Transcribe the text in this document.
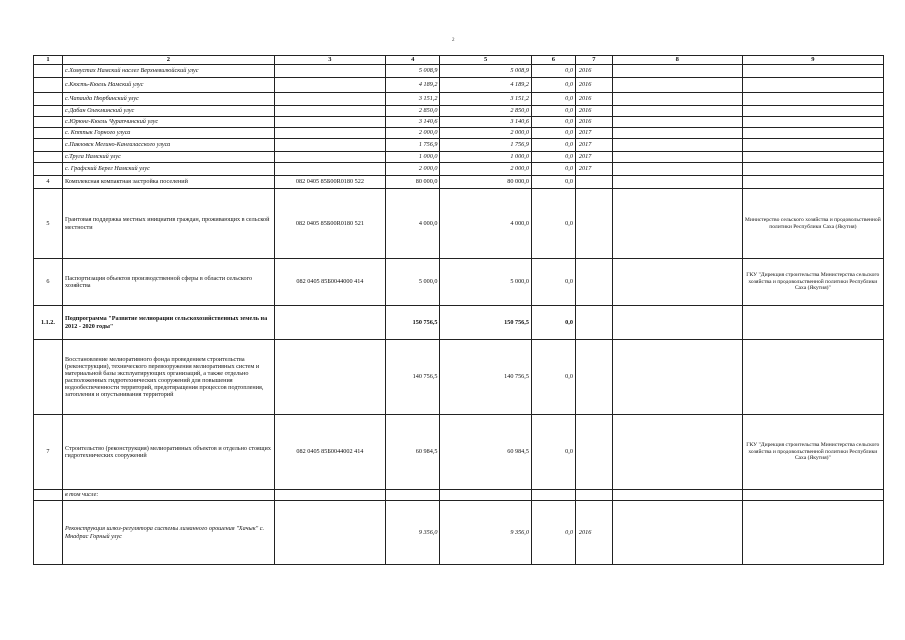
2
1	2	3	4	5	6	7	8	9
	с.Хомустах Намский наслег Верхневилюйский улус		5 008,9	5 008,9	0,0	2016		
	с.Кюсть-Кюель Намский улус		4 189,2	4 189,2	0,0	2016		
	с.Чапаида Нюрбинский улус		3 151,2	3 151,2	0,0	2016		
	с.Дабан Олекминский улус		2 850,0	2 850,0	0,0	2016		
	с.Юрюнг-Кюель Чурапчинский улус		3 140,6	3 140,6	0,0	2016		
	с. Кптпык Горного улуса		2 000,0	2 000,0	0,0	2017		
	с.Павловск Мегино-Кангаласского улуса		1 756,9	1 756,9	0,0	2017		
	с.Труга Намский улус		1 000,0	1 000,0	0,0	2017		
	с. Графский Берег Намский улус		2 000,0	2 000,0	0,0	2017		
4	Комплексная компактная застройка поселений	082 0405 85Б00R0180 522	80 000,0	80 000,0	0,0			
5	Грантовая поддержка местных инициатив граждан, проживающих в сельской местности	082 0405 85Б00R0180 521	4 000,0	4 000,0	0,0			Министерство сельского хозяйства и продовольственной политики Республики Саха (Якутия)
6	Паспортизация объектов производственной сферы в области сельского хозяйства	082 0405 85Б0044000 414	5 000,0	5 000,0	0,0			ГКУ "Дирекция строительства Министерства сельского хозяйства и продовольственной политики Республики Саха (Якутия)"
1.1.2.	Подпрограмма "Развитие мелиорации сельскохозяйственных земель на 2012 - 2020 годы"		150 756,5	150 756,5	0,0			
	Восстановление мелиоративного фонда проведением строительства (реконструкции), технического перевооружения мелиоративных систем и материальной базы эксплуатирующих организаций, а также отдельно расположенных гидротехнических сооружений для повышения водообеспеченности территорий, предотвращения процессов подтопления, затопления и опустынивания территорий		140 756,5	140 756,5	0,0			
7	Строительство (реконструкция) мелиоративных объектов и отдельно стоящих гидротехнических сооружений	082 0405 85Б0044002 414	60 984,5	60 984,5	0,0			ГКУ "Дирекция строительства Министерства сельского хозяйства и продовольственной политики Республики Саха (Якутия)"
	в том числе:							
	Реконструкция шлюз-регулятора системы лиманного орошения "Хачык" с. Мнадрас Горный улус		9 356,0	9 356,0	0,0	2016		
